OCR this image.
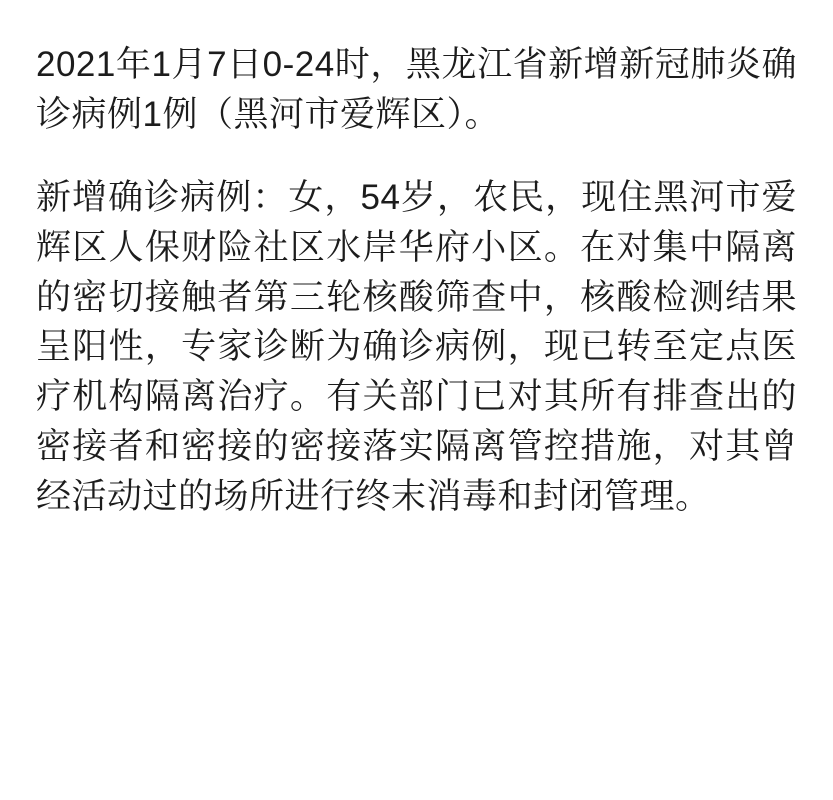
2021年1月7日0-24时，黑龙江省新增新冠肺炎确诊病例1例（黑河市爱辉区）。

新增确诊病例：女，54岁，农民，现住黑河市爱辉区人保财险社区水岸华府小区。在对集中隔离的密切接触者第三轮核酸筛查中，核酸检测结果呈阳性，专家诊断为确诊病例，现已转至定点医疗机构隔离治疗。有关部门已对其所有排查出的密接者和密接的密接落实隔离管控措施，对其曾经活动过的场所进行终末消毒和封闭管理。
